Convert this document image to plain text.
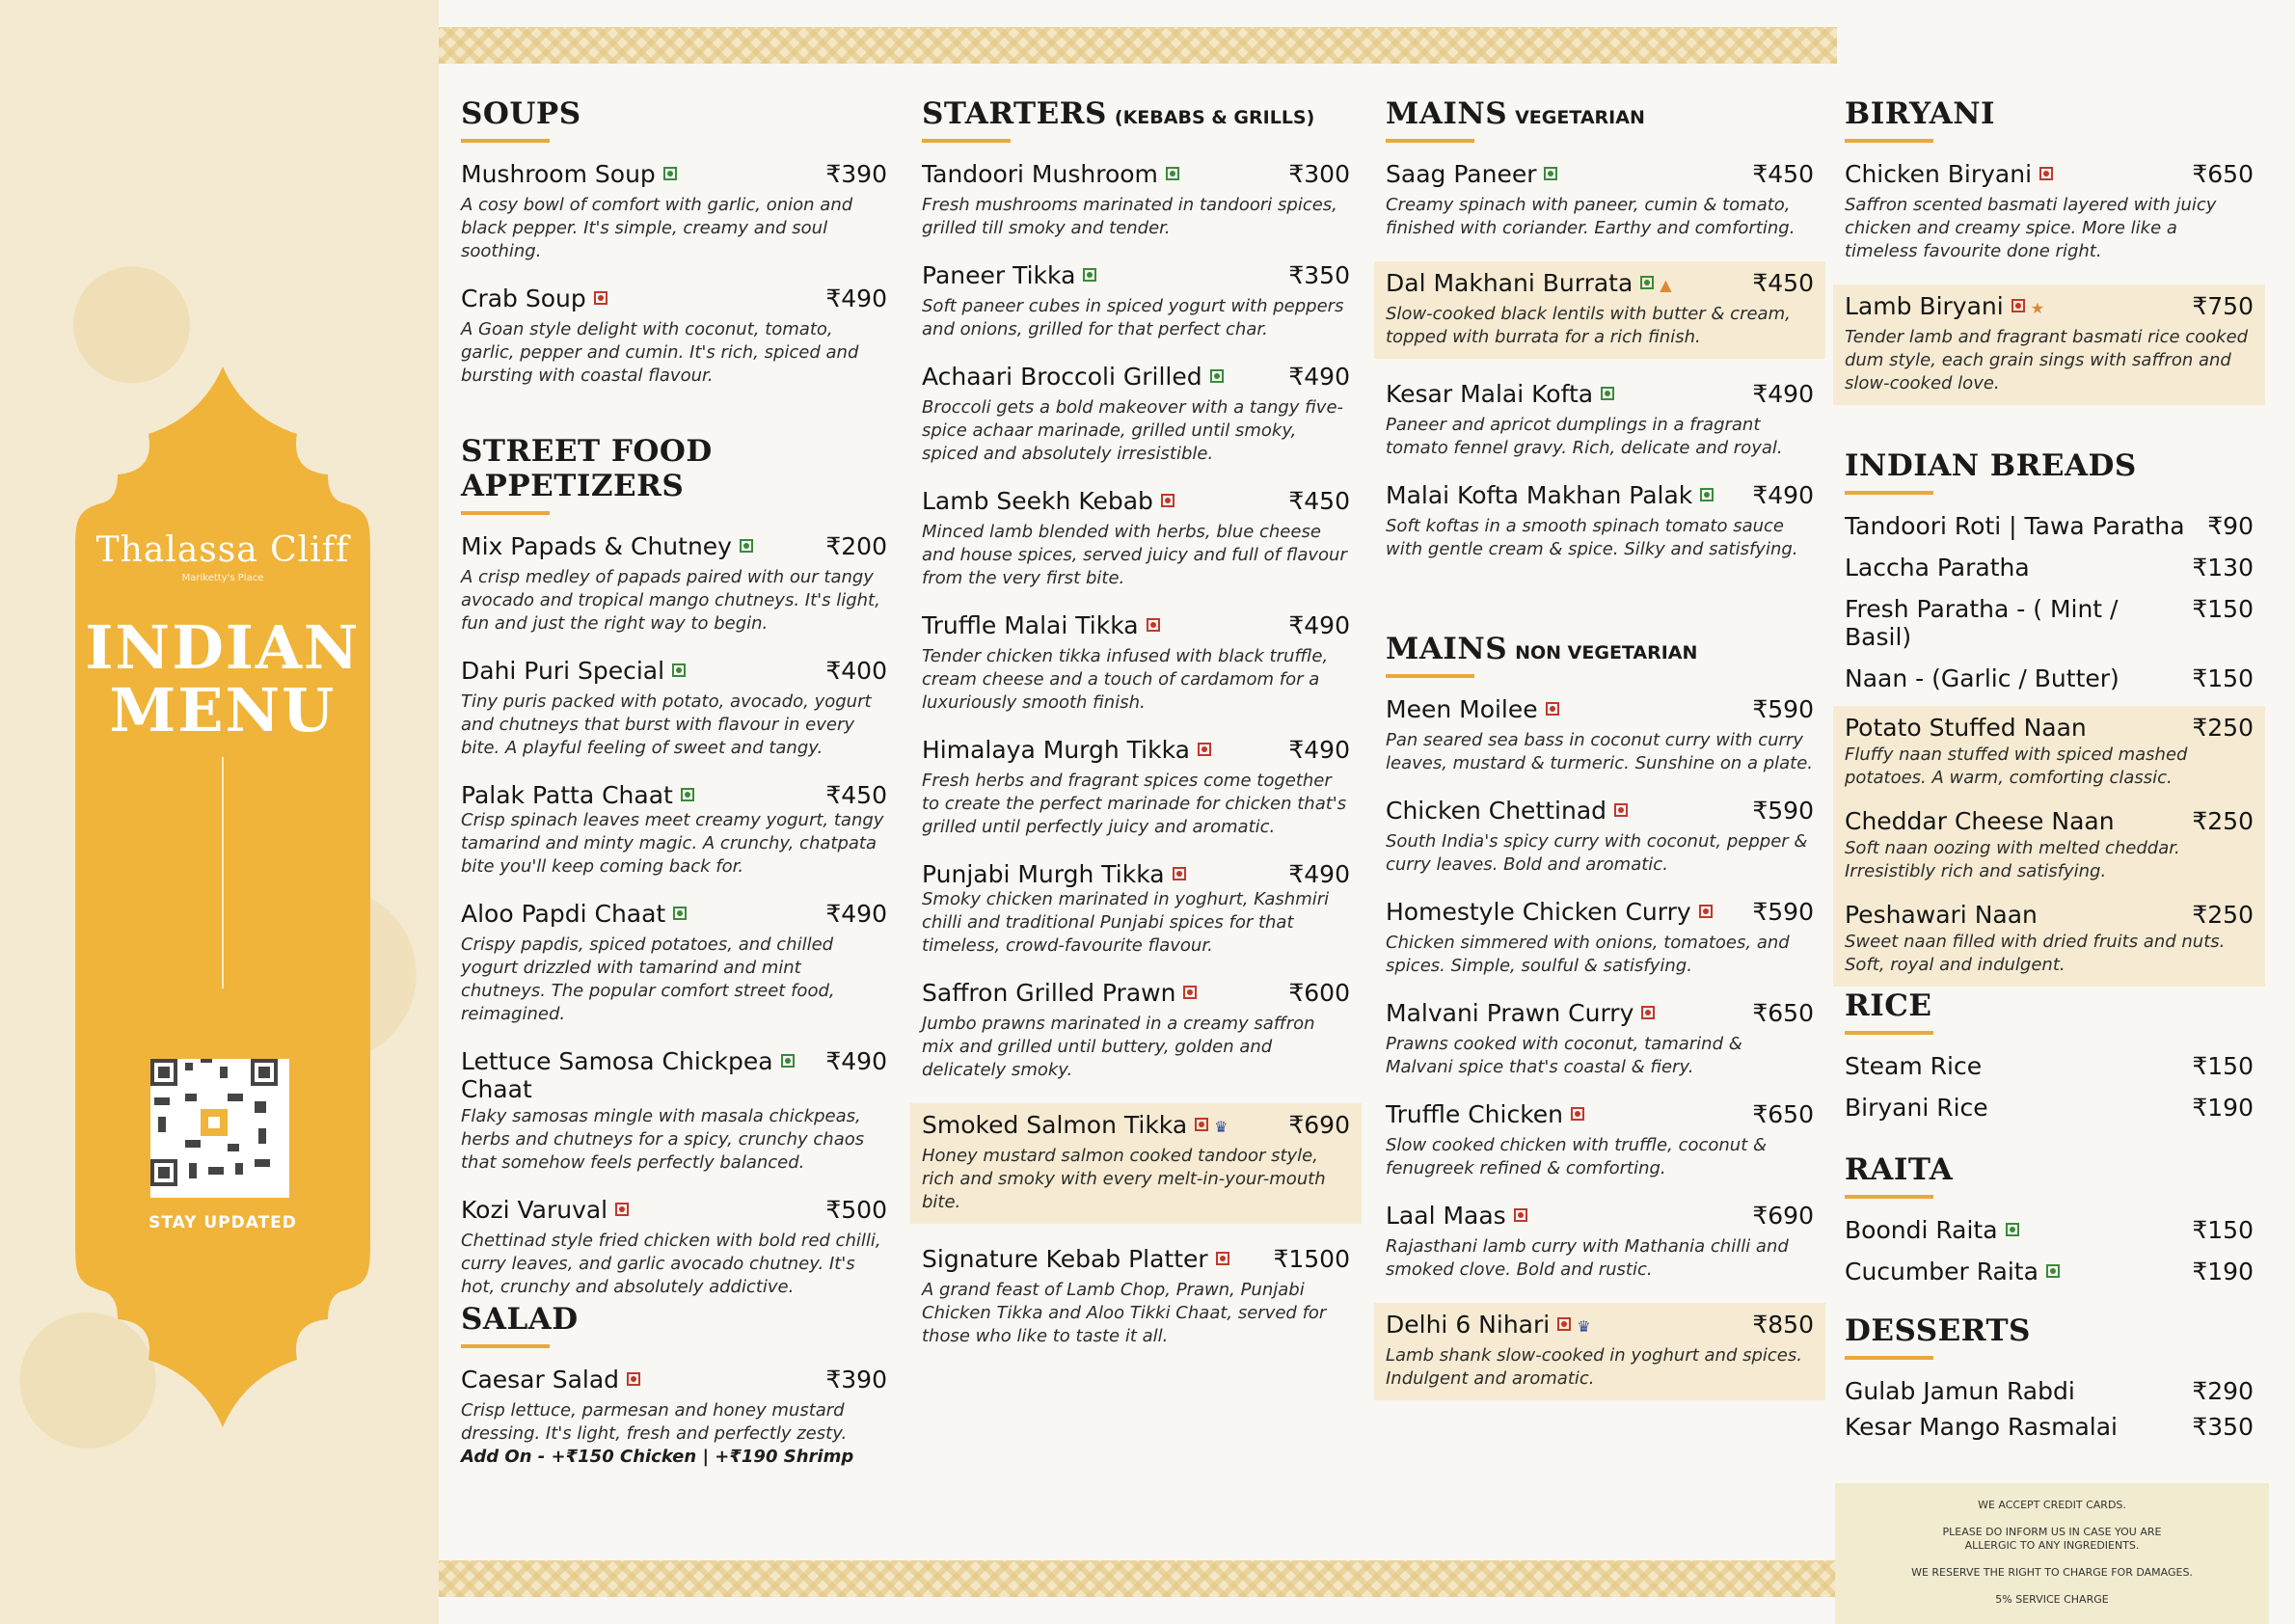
Thalassa Cliff
Mariketty's Place
INDIAN
MENU
STAY UPDATED
SOUPS
Mushroom Soup	₹390
A cosy bowl of comfort with garlic, onion and black pepper. It's simple, creamy and soul soothing.
Crab Soup	₹490
A Goan style delight with coconut, tomato, garlic, pepper and cumin. It's rich, spiced and bursting with coastal flavour.
STREET FOOD APPETIZERS
Mix Papads & Chutney	₹200
A crisp medley of papads paired with our tangy avocado and tropical mango chutneys. It's light, fun and just the right way to begin.
Dahi Puri Special	₹400
Tiny puris packed with potato, avocado, yogurt and chutneys that burst with flavour in every bite. A playful feeling of sweet and tangy.
Palak Patta Chaat	₹450
Crisp spinach leaves meet creamy yogurt, tangy tamarind and minty magic. A crunchy, chatpata bite you'll keep coming back for.
Aloo Papdi Chaat	₹490
Crispy papdis, spiced potatoes, and chilled yogurt drizzled with tamarind and mint chutneys. The popular comfort street food, reimagined.
Lettuce Samosa Chickpea	₹490
Chaat
Flaky samosas mingle with masala chickpeas, herbs and chutneys for a spicy, crunchy chaos that somehow feels perfectly balanced.
Kozi Varuval	₹500
Chettinad style fried chicken with bold red chilli, curry leaves, and garlic avocado chutney. It's hot, crunchy and absolutely addictive.
SALAD
Caesar Salad	₹390
Crisp lettuce, parmesan and honey mustard dressing. It's light, fresh and perfectly zesty.
Add On - +₹150 Chicken | +₹190 Shrimp
STARTERS (KEBABS & GRILLS)
Tandoori Mushroom	₹300
Fresh mushrooms marinated in tandoori spices, grilled till smoky and tender.
Paneer Tikka	₹350
Soft paneer cubes in spiced yogurt with peppers and onions, grilled for that perfect char.
Achaari Broccoli Grilled	₹490
Broccoli gets a bold makeover with a tangy five-spice achaar marinade, grilled until smoky, spiced and absolutely irresistible.
Lamb Seekh Kebab	₹450
Minced lamb blended with herbs, blue cheese and house spices, served juicy and full of flavour from the very first bite.
Truffle Malai Tikka	₹490
Tender chicken tikka infused with black truffle, cream cheese and a touch of cardamom for a luxuriously smooth finish.
Himalaya Murgh Tikka	₹490
Fresh herbs and fragrant spices come together to create the perfect marinade for chicken that's grilled until perfectly juicy and aromatic.
Punjabi Murgh Tikka	₹490
Smoky chicken marinated in yoghurt, Kashmiri chilli and traditional Punjabi spices for that timeless, crowd-favourite flavour.
Saffron Grilled Prawn	₹600
Jumbo prawns marinated in a creamy saffron mix and grilled until buttery, golden and delicately smoky.
Smoked Salmon Tikka ♛	₹690
Honey mustard salmon cooked tandoor style, rich and smoky with every melt-in-your-mouth bite.
Signature Kebab Platter	₹1500
A grand feast of Lamb Chop, Prawn, Punjabi Chicken Tikka and Aloo Tikki Chaat, served for those who like to taste it all.
MAINS VEGETARIAN
Saag Paneer	₹450
Creamy spinach with paneer, cumin & tomato, finished with coriander. Earthy and comforting.
Dal Makhani Burrata ▲	₹450
Slow-cooked black lentils with butter & cream, topped with burrata for a rich finish.
Kesar Malai Kofta	₹490
Paneer and apricot dumplings in a fragrant tomato fennel gravy. Rich, delicate and royal.
Malai Kofta Makhan Palak	₹490
Soft koftas in a smooth spinach tomato sauce with gentle cream & spice. Silky and satisfying.
MAINS NON VEGETARIAN
Meen Moilee	₹590
Pan seared sea bass in coconut curry with curry leaves, mustard & turmeric. Sunshine on a plate.
Chicken Chettinad	₹590
South India's spicy curry with coconut, pepper & curry leaves. Bold and aromatic.
Homestyle Chicken Curry	₹590
Chicken simmered with onions, tomatoes, and spices. Simple, soulful & satisfying.
Malvani Prawn Curry	₹650
Prawns cooked with coconut, tamarind & Malvani spice that's coastal & fiery.
Truffle Chicken	₹650
Slow cooked chicken with truffle, coconut & fenugreek refined & comforting.
Laal Maas	₹690
Rajasthani lamb curry with Mathania chilli and smoked clove. Bold and rustic.
Delhi 6 Nihari ♛	₹850
Lamb shank slow-cooked in yoghurt and spices. Indulgent and aromatic.
BIRYANI
Chicken Biryani	₹650
Saffron scented basmati layered with juicy chicken and creamy spice. More like a timeless favourite done right.
Lamb Biryani ★	₹750
Tender lamb and fragrant basmati rice cooked dum style, each grain sings with saffron and slow-cooked love.
INDIAN BREADS
Tandoori Roti | Tawa Paratha ₹90
Laccha Paratha	₹130
Fresh Paratha - ( Mint / Basil)
₹150
Naan - (Garlic / Butter)	₹150
Potato Stuffed Naan	₹250
Fluffy naan stuffed with spiced mashed potatoes. A warm, comforting classic.
Cheddar Cheese Naan	₹250
Soft naan oozing with melted cheddar. Irresistibly rich and satisfying.
Peshawari Naan	₹250
Sweet naan filled with dried fruits and nuts. Soft, royal and indulgent.
RICE
Steam Rice	₹150
Biryani Rice	₹190
RAITA
Boondi Raita	₹150
Cucumber Raita	₹190
DESSERTS
Gulab Jamun Rabdi	₹290
Kesar Mango Rasmalai	₹350
WE ACCEPT CREDIT CARDS.
PLEASE DO INFORM US IN CASE YOU ARE
ALLERGIC TO ANY INGREDIENTS.
WE RESERVE THE RIGHT TO CHARGE FOR DAMAGES.
5% SERVICE CHARGE
